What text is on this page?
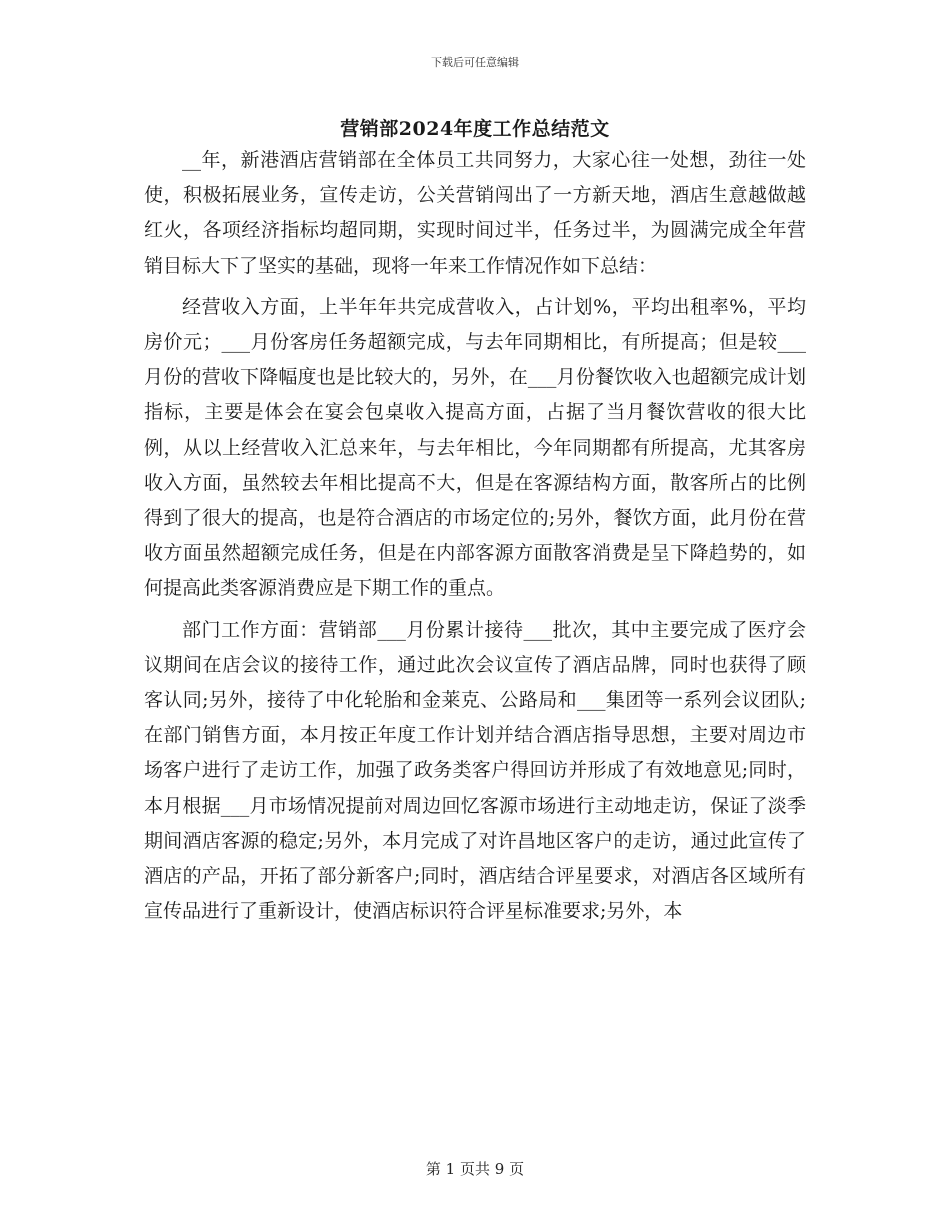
下载后可任意编辑
营销部2024年度工作总结范文

__年，新港酒店营销部在全体员工共同努力，大家心往一处想，劲往一处使，积极拓展业务，宣传走访，公关营销闯出了一方新天地，酒店生意越做越红火，各项经济指标均超同期，实现时间过半，任务过半，为圆满完成全年营销目标大下了坚实的基础，现将一年来工作情况作如下总结：

经营收入方面，上半年年共完成营收入，占计划%，平均出租率%，平均房价元；___月份客房任务超额完成，与去年同期相比，有所提高；但是较___月份的营收下降幅度也是比较大的，另外，在___月份餐饮收入也超额完成计划指标，主要是体会在宴会包桌收入提高方面，占据了当月餐饮营收的很大比例，从以上经营收入汇总来年，与去年相比，今年同期都有所提高，尤其客房收入方面，虽然较去年相比提高不大，但是在客源结构方面，散客所占的比例得到了很大的提高，也是符合酒店的市场定位的;另外，餐饮方面，此月份在营收方面虽然超额完成任务，但是在内部客源方面散客消费是呈下降趋势的，如何提高此类客源消费应是下期工作的重点。

部门工作方面：营销部___月份累计接待___批次，其中主要完成了医疗会议期间在店会议的接待工作，通过此次会议宣传了酒店品牌，同时也获得了顾客认同;另外，接待了中化轮胎和金莱克、公路局和___集团等一系列会议团队;在部门销售方面，本月按正年度工作计划并结合酒店指导思想，主要对周边市场客户进行了走访工作，加强了政务类客户得回访并形成了有效地意见;同时，本月根据___月市场情况提前对周边回忆客源市场进行主动地走访，保证了淡季期间酒店客源的稳定;另外，本月完成了对许昌地区客户的走访，通过此宣传了酒店的产品，开拓了部分新客户;同时，酒店结合评星要求，对酒店各区域所有宣传品进行了重新设计，使酒店标识符合评星标准要求;另外，本

第 1 页共 9 页
